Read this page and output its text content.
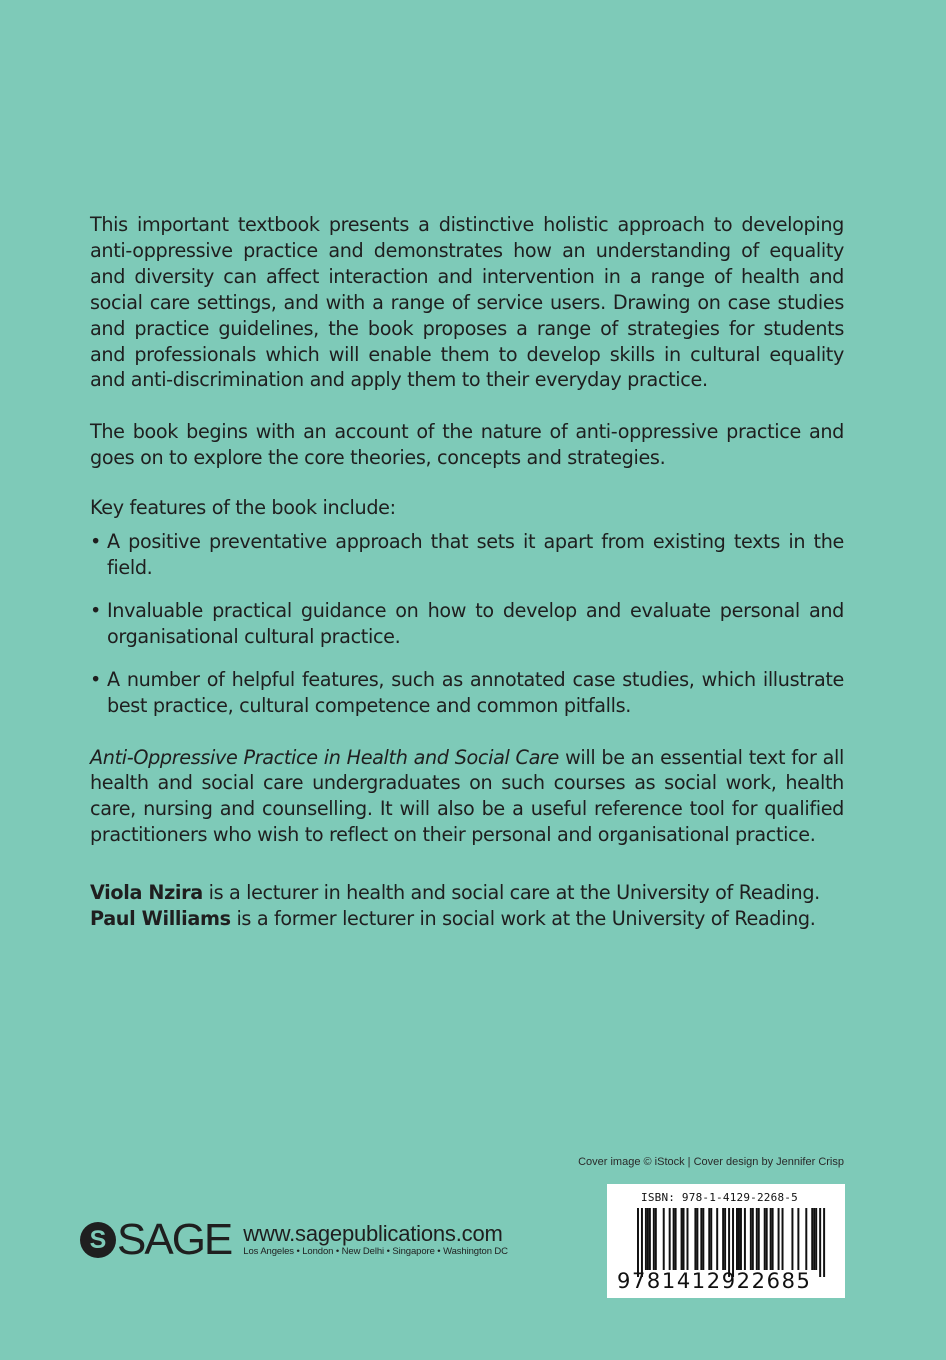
This important textbook presents a distinctive holistic approach to developing anti-oppressive practice and demonstrates how an understanding of equality and diversity can affect interaction and intervention in a range of health and social care settings, and with a range of service users. Drawing on case studies and practice guidelines, the book proposes a range of strategies for students and professionals which will enable them to develop skills in cultural equality and anti-discrimination and apply them to their everyday practice.

The book begins with an account of the nature of anti-oppressive practice and goes on to explore the core theories, concepts and strategies.

Key features of the book include:

• A positive preventative approach that sets it apart from existing texts in the field.
• Invaluable practical guidance on how to develop and evaluate personal and organisational cultural practice.
• A number of helpful features, such as annotated case studies, which illustrate best practice, cultural competence and common pitfalls.

Anti-Oppressive Practice in Health and Social Care will be an essential text for all health and social care undergraduates on such courses as social work, health care, nursing and counselling. It will also be a useful reference tool for qualified practitioners who wish to reflect on their personal and organisational practice.

Viola Nzira is a lecturer in health and social care at the University of Reading.
Paul Williams is a former lecturer in social work at the University of Reading.

Cover image © iStock | Cover design by Jennifer Crisp
S SAGE www.sagepublications.com
Los Angeles • London • New Delhi • Singapore • Washington DC
ISBN: 978-1-4129-2268-5
9781412922685
